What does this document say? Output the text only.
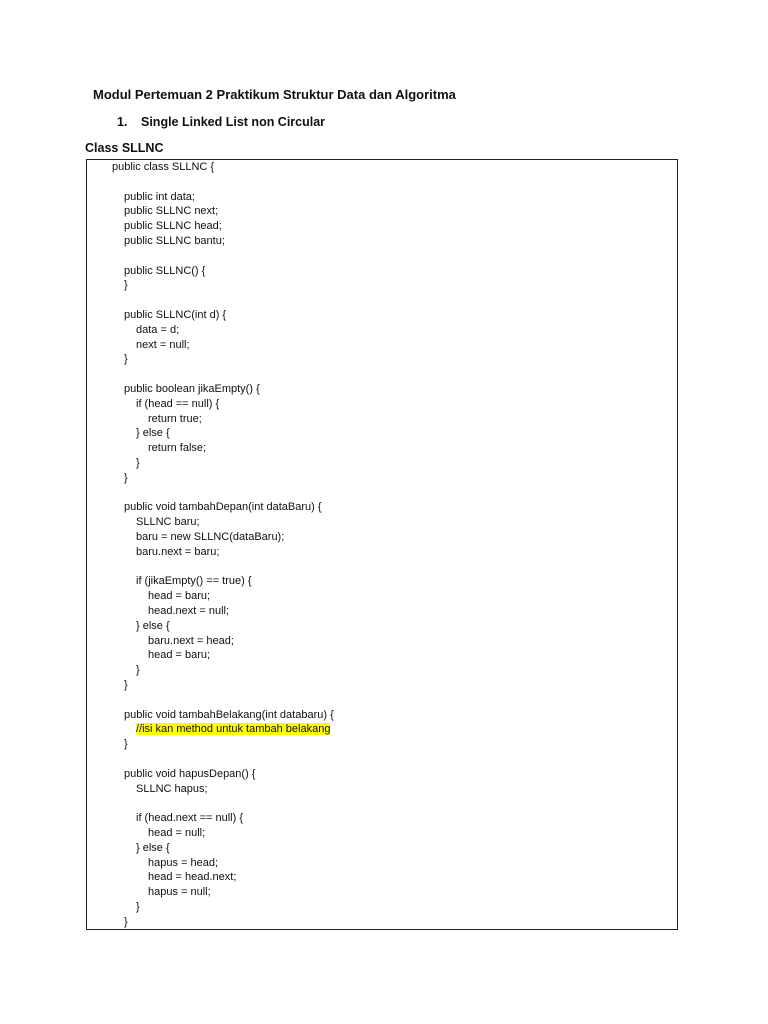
Modul Pertemuan 2 Praktikum Struktur Data dan Algoritma
1. Single Linked List non Circular
Class SLLNC
public class SLLNC {
public int data;
public SLLNC next;
public SLLNC head;
public SLLNC bantu;
public SLLNC() {
}
public SLLNC(int d) {
data = d;
next = null;
}
public boolean jikaEmpty() {
if (head == null) {
return true;
} else {
return false;
}
}
public void tambahDepan(int dataBaru) {
SLLNC baru;
baru = new SLLNC(dataBaru);
baru.next = baru;
if (jikaEmpty() == true) {
head = baru;
head.next = null;
} else {
baru.next = head;
head = baru;
}
}
public void tambahBelakang(int databaru) {
//isi kan method untuk tambah belakang
}
public void hapusDepan() {
SLLNC hapus;
if (head.next == null) {
head = null;
} else {
hapus = head;
head = head.next;
hapus = null;
}
}
